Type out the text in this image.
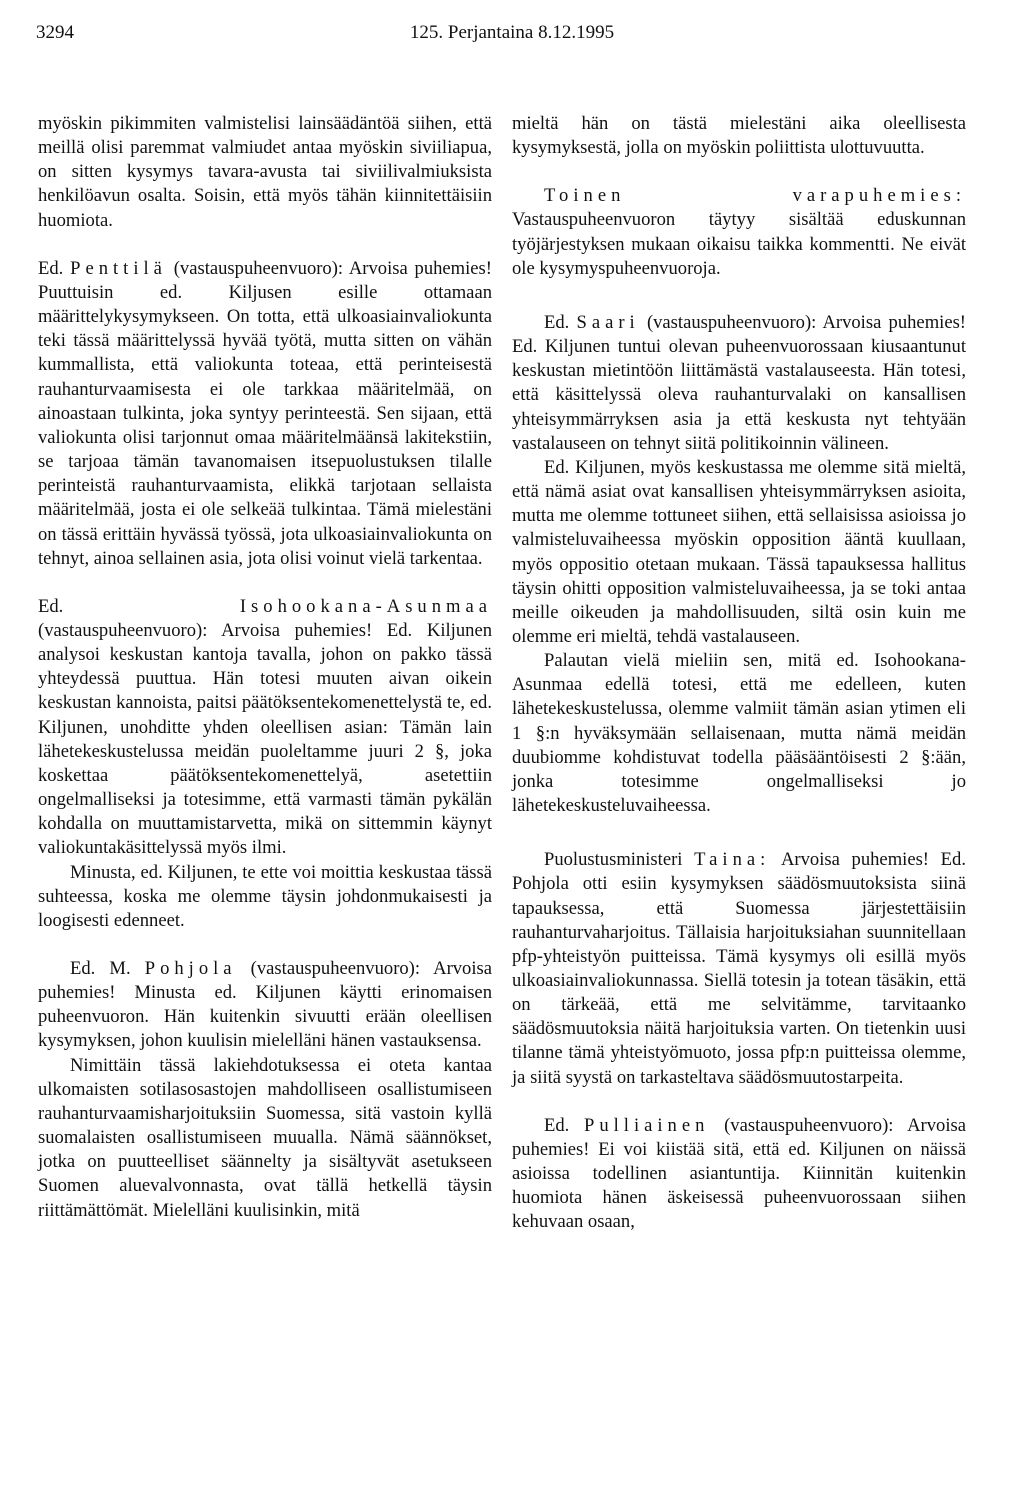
3294	125. Perjantaina 8.12.1995

myöskin pikimmiten valmistelisi lainsäädäntöä siihen, että meillä olisi paremmat valmiudet antaa myöskin siviiliapua, on sitten kysymys tavara-avusta tai siviilivalmiuksista henkilöavun osalta. Soisin, että myös tähän kiinnitettäisiin huomiota.

Ed. Penttilä (vastauspuheenvuoro): Arvoisa puhemies! Puuttuisin ed. Kiljusen esille ottamaan määrittelykysymykseen. On totta, että ulkoasiainvaliokunta teki tässä määrittelyssä hyvää työtä, mutta sitten on vähän kummallista, että valiokunta toteaa, että perinteisestä rauhanturvaamisesta ei ole tarkkaa määritelmää, on ainoastaan tulkinta, joka syntyy perinteestä. Sen sijaan, että valiokunta olisi tarjonnut omaa määritelmäänsä lakitekstiin, se tarjoaa tämän tavanomaisen itsepuolustuksen tilalle perinteistä rauhanturvaamista, elikkä tarjotaan sellaista määritelmää, josta ei ole selkeää tulkintaa. Tämä mielestäni on tässä erittäin hyvässä työssä, jota ulkoasiainvaliokunta on tehnyt, ainoa sellainen asia, jota olisi voinut vielä tarkentaa.

Ed. Isohookana-Asunmaa (vastauspuheenvuoro): Arvoisa puhemies! Ed. Kiljunen analysoi keskustan kantoja tavalla, johon on pakko tässä yhteydessä puuttua. Hän totesi muuten aivan oikein keskustan kannoista, paitsi päätöksentekomenettelystä te, ed. Kiljunen, unohditte yhden oleellisen asian: Tämän lain lähetekeskustelussa meidän puoleltamme juuri 2 §, joka koskettaa päätöksentekomenettelyä, asetettiin ongelmalliseksi ja totesimme, että varmasti tämän pykälän kohdalla on muuttamistarvetta, mikä on sittemmin käynyt valiokuntakäsittelyssä myös ilmi.

Minusta, ed. Kiljunen, te ette voi moittia keskustaa tässä suhteessa, koska me olemme täysin johdonmukaisesti ja loogisesti edenneet.

Ed. M. Pohjola (vastauspuheenvuoro): Arvoisa puhemies! Minusta ed. Kiljunen käytti erinomaisen puheenvuoron. Hän kuitenkin sivuutti erään oleellisen kysymyksen, johon kuulisin mielelläni hänen vastauksensa.

Nimittäin tässä lakiehdotuksessa ei oteta kantaa ulkomaisten sotilasosastojen mahdolliseen osallistumiseen rauhanturvaamisharjoituksiin Suomessa, sitä vastoin kyllä suomalaisten osallistumiseen muualla. Nämä säännökset, jotka on puutteelliset säännelty ja sisältyvät asetukseen Suomen aluevalvonnasta, ovat tällä hetkellä täysin riittämättömät. Mielelläni kuulisinkin, mitä

mieltä hän on tästä mielestäni aika oleellisesta kysymyksestä, jolla on myöskin poliittista ulottuvuutta.

Toinen varapuhemies: Vastauspuheenvuoron täytyy sisältää eduskunnan työjärjestyksen mukaan oikaisu taikka kommentti. Ne eivät ole kysymyspuheenvuoroja.

Ed. Saari (vastauspuheenvuoro): Arvoisa puhemies! Ed. Kiljunen tuntui olevan puheenvuorossaan kiusaantunut keskustan mietintöön liittämästä vastalauseesta. Hän totesi, että käsittelyssä oleva rauhanturvalaki on kansallisen yhteisymmärryksen asia ja että keskusta nyt tehtyään vastalauseen on tehnyt siitä politikoinnin välineen.

Ed. Kiljunen, myös keskustassa me olemme sitä mieltä, että nämä asiat ovat kansallisen yhteisymmärryksen asioita, mutta me olemme tottuneet siihen, että sellaisissa asioissa jo valmisteluvaiheessa myöskin opposition ääntä kuullaan, myös oppositio otetaan mukaan. Tässä tapauksessa hallitus täysin ohitti opposition valmisteluvaiheessa, ja se toki antaa meille oikeuden ja mahdollisuuden, siltä osin kuin me olemme eri mieltä, tehdä vastalauseen.

Palautan vielä mieliin sen, mitä ed. Isohookana-Asunmaa edellä totesi, että me edelleen, kuten lähetekeskustelussa, olemme valmiit tämän asian ytimen eli 1 §:n hyväksymään sellaisenaan, mutta nämä meidän duubiomme kohdistuvat todella pääsääntöisesti 2 §:ään, jonka totesimme ongelmalliseksi jo lähetekeskusteluvaiheessa.

Puolustusministeri Taina: Arvoisa puhemies! Ed. Pohjola otti esiin kysymyksen säädösmuutoksista siinä tapauksessa, että Suomessa järjestettäisiin rauhanturvaharjoitus. Tällaisia harjoituksiahan suunnitellaan pfp-yhteistyön puitteissa. Tämä kysymys oli esillä myös ulkoasiainvaliokunnassa. Siellä totesin ja totean täsäkin, että on tärkeää, että me selvitämme, tarvitaanko säädösmuutoksia näitä harjoituksia varten. On tietenkin uusi tilanne tämä yhteistyömuoto, jossa pfp:n puitteissa olemme, ja siitä syystä on tarkasteltava säädösmuutostarpeita.

Ed. Pulliainen (vastauspuheenvuoro): Arvoisa puhemies! Ei voi kiistää sitä, että ed. Kiljunen on näissä asioissa todellinen asiantuntija. Kiinnitän kuitenkin huomiota hänen äskeisessä puheenvuorossaan siihen kehuvaan osaan,
